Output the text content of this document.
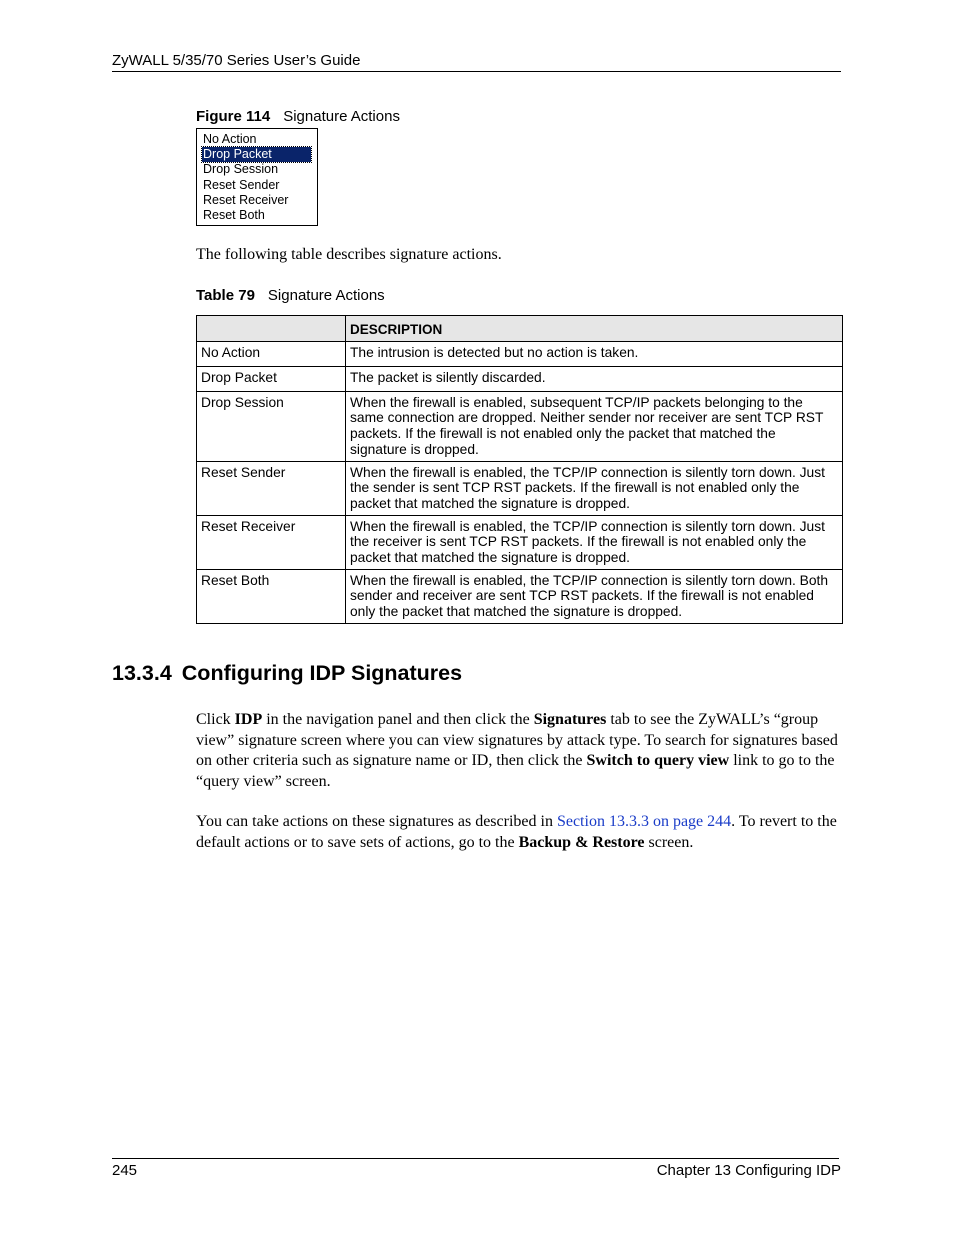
ZyWALL 5/35/70 Series User’s Guide
Figure 114 Signature Actions
No Action
Drop Packet
Drop Session
Reset Sender
Reset Receiver
Reset Both
The following table describes signature actions.
Table 79 Signature Actions
	DESCRIPTION
No Action	The intrusion is detected but no action is taken.
Drop Packet	The packet is silently discarded.
Drop Session	When the firewall is enabled, subsequent TCP/IP packets belonging to the same connection are dropped. Neither sender nor receiver are sent TCP RST packets. If the firewall is not enabled only the packet that matched the signature is dropped.
Reset Sender	When the firewall is enabled, the TCP/IP connection is silently torn down. Just the sender is sent TCP RST packets. If the firewall is not enabled only the packet that matched the signature is dropped.
Reset Receiver	When the firewall is enabled, the TCP/IP connection is silently torn down. Just the receiver is sent TCP RST packets. If the firewall is not enabled only the packet that matched the signature is dropped.
Reset Both	When the firewall is enabled, the TCP/IP connection is silently torn down. Both sender and receiver are sent TCP RST packets. If the firewall is not enabled only the packet that matched the signature is dropped.
13.3.4 Configuring IDP Signatures
Click IDP in the navigation panel and then click the Signatures tab to see the ZyWALL’s “group view” signature screen where you can view signatures by attack type. To search for signatures based on other criteria such as signature name or ID, then click the Switch to query view link to go to the “query view” screen.
You can take actions on these signatures as described in Section 13.3.3 on page 244. To revert to the default actions or to save sets of actions, go to the Backup & Restore screen.
245	Chapter 13 Configuring IDP
